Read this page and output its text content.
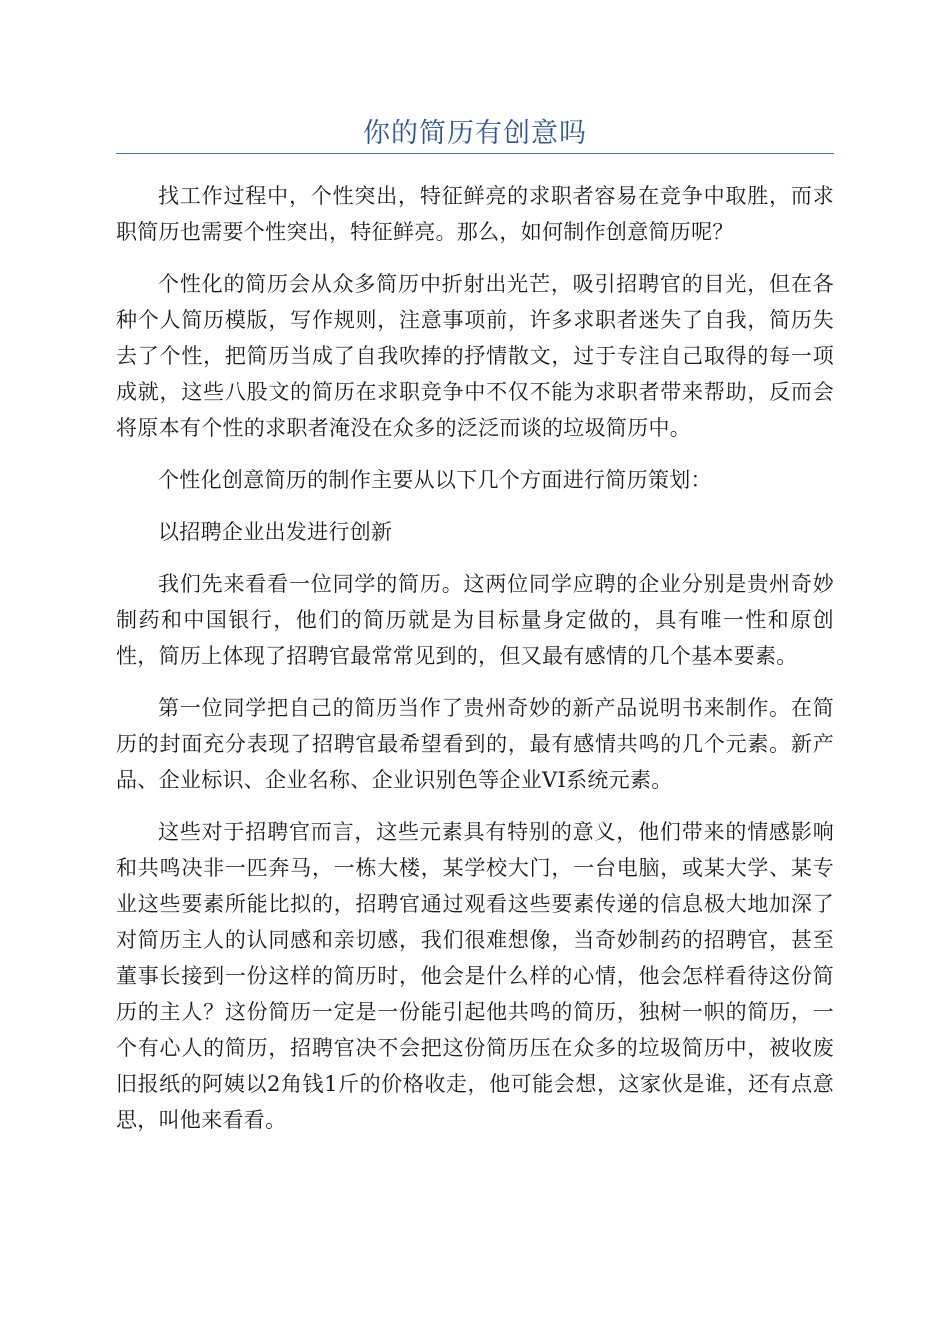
你的简历有创意吗

找工作过程中，个性突出，特征鲜亮的求职者容易在竞争中取胜，而求职简历也需要个性突出，特征鲜亮。那么，如何制作创意简历呢？

个性化的简历会从众多简历中折射出光芒，吸引招聘官的目光，但在各种个人简历模版，写作规则，注意事项前，许多求职者迷失了自我，简历失去了个性，把简历当成了自我吹捧的抒情散文，过于专注自己取得的每一项成就，这些八股文的简历在求职竞争中不仅不能为求职者带来帮助，反而会将原本有个性的求职者淹没在众多的泛泛而谈的垃圾简历中。

个性化创意简历的制作主要从以下几个方面进行简历策划：

以招聘企业出发进行创新

我们先来看看一位同学的简历。这两位同学应聘的企业分别是贵州奇妙制药和中国银行，他们的简历就是为目标量身定做的，具有唯一性和原创性，简历上体现了招聘官最常常见到的，但又最有感情的几个基本要素。

第一位同学把自己的简历当作了贵州奇妙的新产品说明书来制作。在简历的封面充分表现了招聘官最希望看到的，最有感情共鸣的几个元素。新产品、企业标识、企业名称、企业识别色等企业VI系统元素。

这些对于招聘官而言，这些元素具有特别的意义，他们带来的情感影响和共鸣决非一匹奔马，一栋大楼，某学校大门，一台电脑，或某大学、某专业这些要素所能比拟的，招聘官通过观看这些要素传递的信息极大地加深了对简历主人的认同感和亲切感，我们很难想像，当奇妙制药的招聘官，甚至董事长接到一份这样的简历时，他会是什么样的心情，他会怎样看待这份简历的主人？这份简历一定是一份能引起他共鸣的简历，独树一帜的简历，一个有心人的简历，招聘官决不会把这份简历压在众多的垃圾简历中，被收废旧报纸的阿姨以2角钱1斤的价格收走，他可能会想，这家伙是谁，还有点意思，叫他来看看。
